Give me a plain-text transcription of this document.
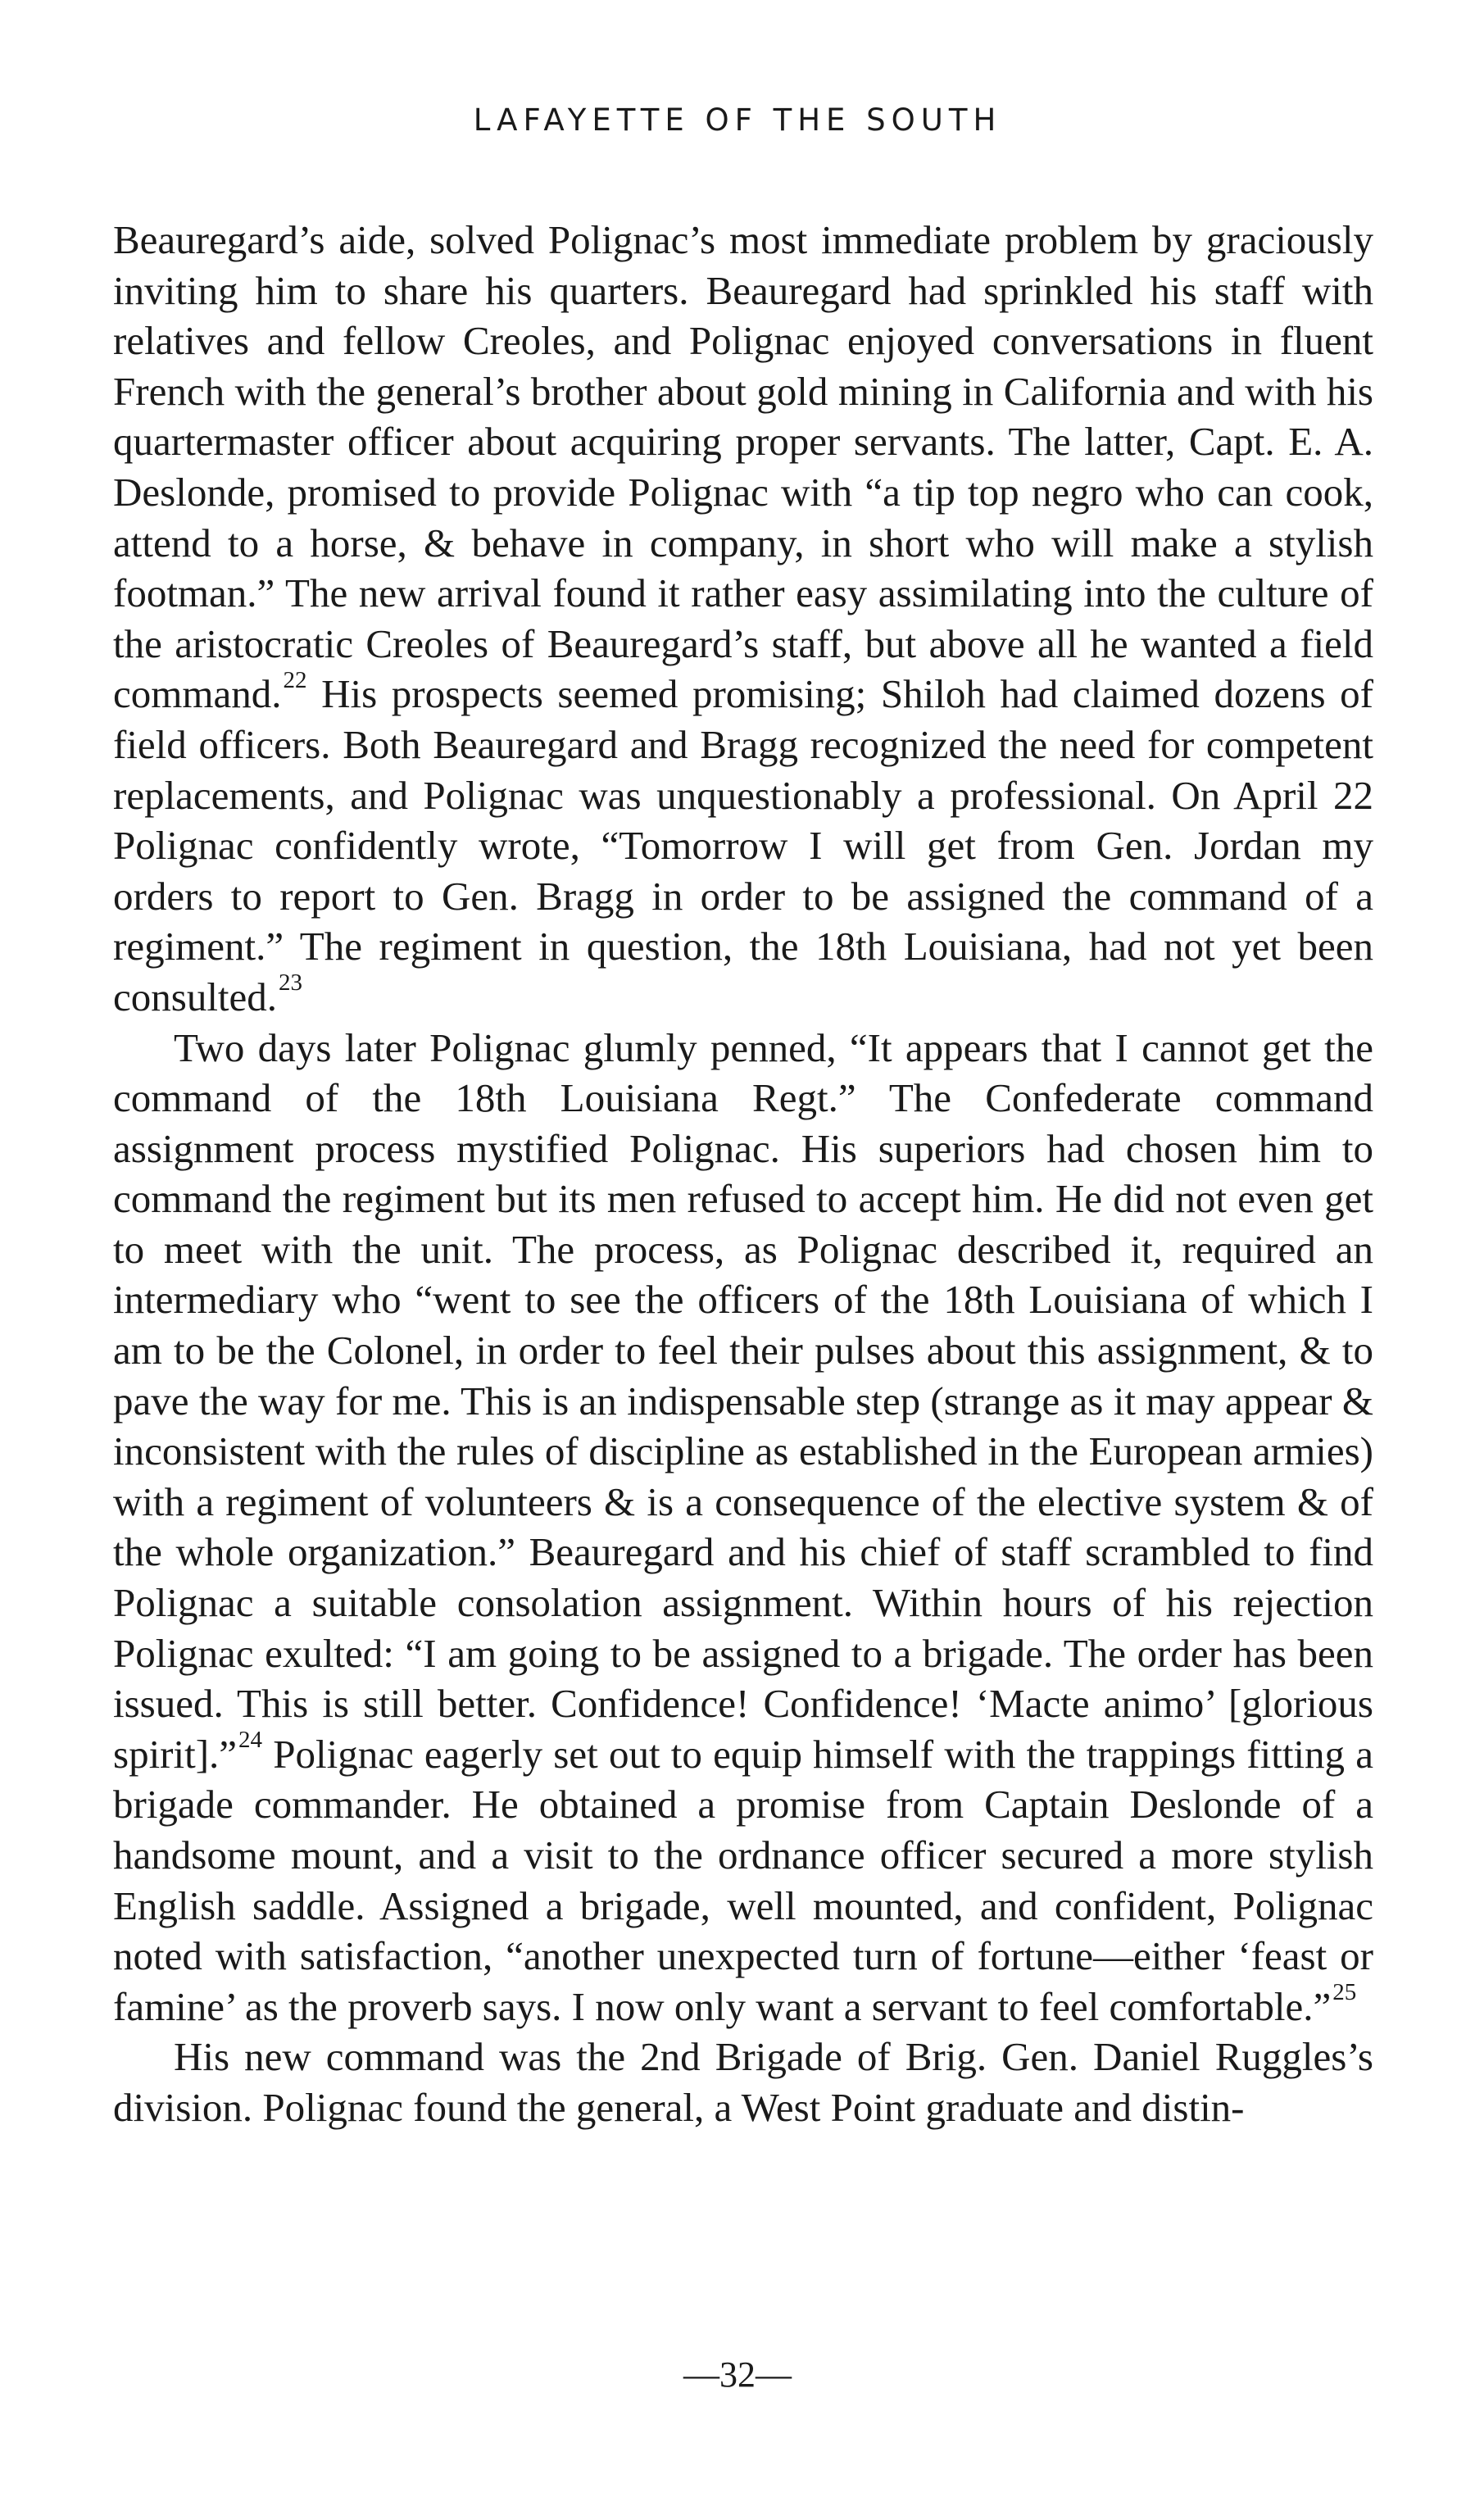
LAFAYETTE OF THE SOUTH

Beauregard’s aide, solved Polignac’s most immediate problem by graciously inviting him to share his quarters. Beauregard had sprinkled his staff with relatives and fellow Creoles, and Polignac enjoyed conversations in fluent French with the general’s brother about gold mining in California and with his quartermaster officer about acquiring proper servants. The latter, Capt. E. A. Deslonde, promised to provide Polignac with “a tip top negro who can cook, attend to a horse, & behave in company, in short who will make a stylish footman.” The new arrival found it rather easy assimilating into the culture of the aristocratic Creoles of Beauregard’s staff, but above all he wanted a field command.$^{22}$ His prospects seemed promising; Shiloh had claimed dozens of field officers. Both Beauregard and Bragg recognized the need for competent replacements, and Polignac was unquestionably a professional. On April 22 Polignac confidently wrote, “Tomorrow I will get from Gen. Jordan my orders to report to Gen. Bragg in order to be assigned the command of a regiment.” The regiment in question, the 18th Louisiana, had not yet been consulted.$^{23}$

Two days later Polignac glumly penned, “It appears that I cannot get the command of the 18th Louisiana Regt.” The Confederate command assignment process mystified Polignac. His superiors had chosen him to command the regiment but its men refused to accept him. He did not even get to meet with the unit. The process, as Polignac described it, required an intermediary who “went to see the officers of the 18th Louisiana of which I am to be the Colonel, in order to feel their pulses about this assignment, & to pave the way for me. This is an indispensable step (strange as it may appear & inconsistent with the rules of discipline as established in the European armies) with a regiment of volunteers & is a consequence of the elective system & of the whole organization.” Beauregard and his chief of staff scrambled to find Polignac a suitable consolation assignment. Within hours of his rejection Polignac exulted: “I am going to be assigned to a brigade. The order has been issued. This is still better. Confidence! Confidence! ‘Macte animo’ [glorious spirit].”$^{24}$ Polignac eagerly set out to equip himself with the trappings fitting a brigade commander. He obtained a promise from Captain Deslonde of a handsome mount, and a visit to the ordnance officer secured a more stylish English saddle. Assigned a brigade, well mounted, and confident, Polignac noted with satisfaction, “another unexpected turn of fortune—either ‘feast or famine’ as the proverb says. I now only want a servant to feel comfortable.”$^{25}$

His new command was the 2nd Brigade of Brig. Gen. Daniel Ruggles’s division. Polignac found the general, a West Point graduate and distin-

—32—
